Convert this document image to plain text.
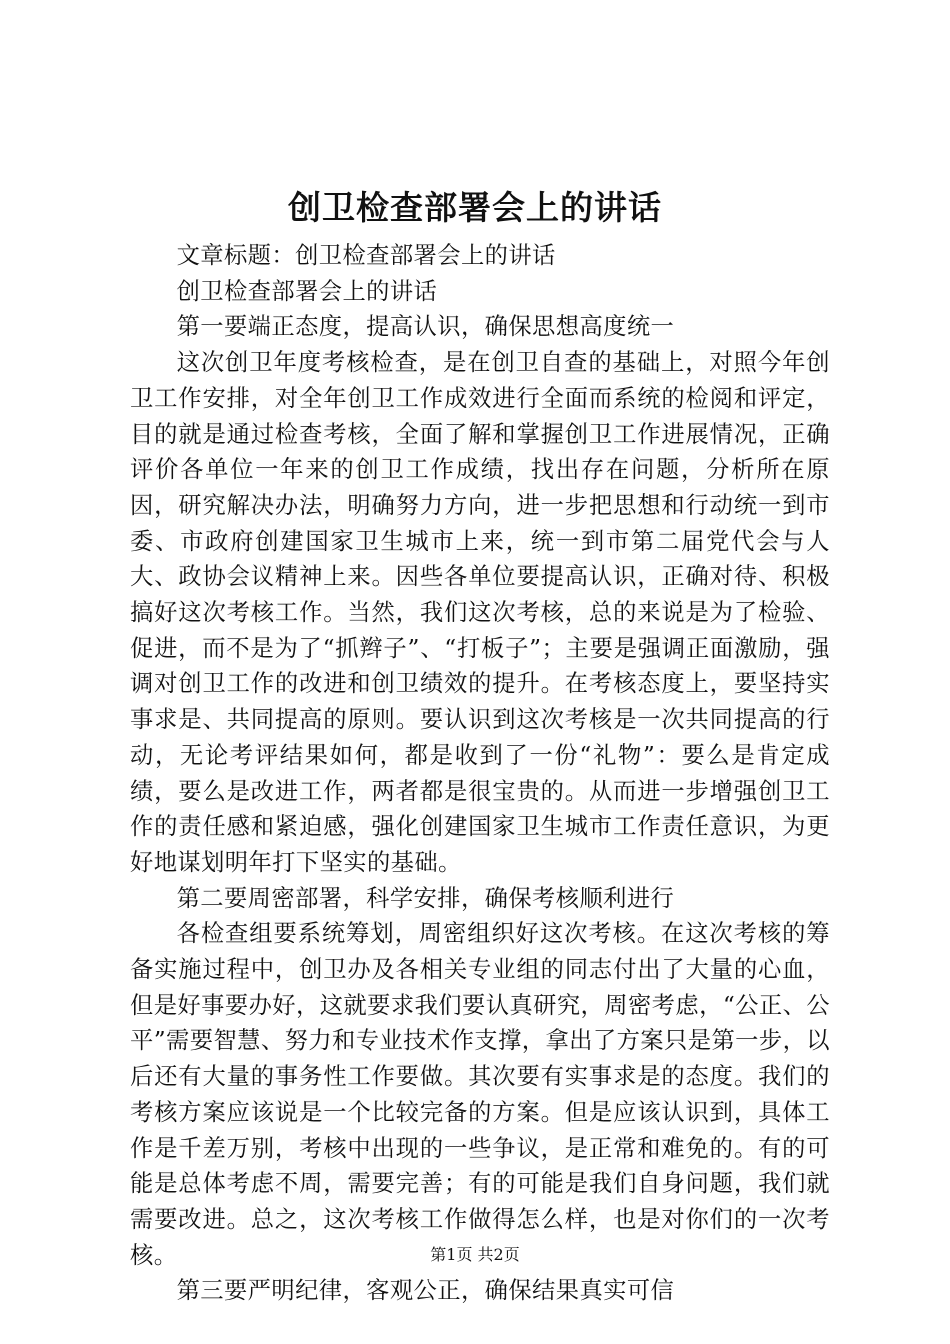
创卫检查部署会上的讲话

文章标题：创卫检查部署会上的讲话

创卫检查部署会上的讲话

第一要端正态度，提高认识，确保思想高度统一

这次创卫年度考核检查，是在创卫自查的基础上，对照今年创卫工作安排，对全年创卫工作成效进行全面而系统的检阅和评定，目的就是通过检查考核，全面了解和掌握创卫工作进展情况，正确评价各单位一年来的创卫工作成绩，找出存在问题，分析所在原因，研究解决办法，明确努力方向，进一步把思想和行动统一到市委、市政府创建国家卫生城市上来，统一到市第二届党代会与人大、政协会议精神上来。因些各单位要提高认识，正确对待、积极搞好这次考核工作。当然，我们这次考核，总的来说是为了检验、促进，而不是为了“抓辫子”、“打板子”；主要是强调正面激励，强调对创卫工作的改进和创卫绩效的提升。在考核态度上，要坚持实事求是、共同提高的原则。要认识到这次考核是一次共同提高的行动，无论考评结果如何，都是收到了一份“礼物”：要么是肯定成绩，要么是改进工作，两者都是很宝贵的。从而进一步增强创卫工作的责任感和紧迫感，强化创建国家卫生城市工作责任意识，为更好地谋划明年打下坚实的基础。

第二要周密部署，科学安排，确保考核顺利进行

各检查组要系统筹划，周密组织好这次考核。在这次考核的筹备实施过程中，创卫办及各相关专业组的同志付出了大量的心血，但是好事要办好，这就要求我们要认真研究，周密考虑，“公正、公平”需要智慧、努力和专业技术作支撑，拿出了方案只是第一步，以后还有大量的事务性工作要做。其次要有实事求是的态度。我们的考核方案应该说是一个比较完备的方案。但是应该认识到，具体工作是千差万别，考核中出现的一些争议，是正常和难免的。有的可能是总体考虑不周，需要完善；有的可能是我们自身问题，我们就需要改进。总之，这次考核工作做得怎么样，也是对你们的一次考核。

第三要严明纪律，客观公正，确保结果真实可信

第1页 共2页
